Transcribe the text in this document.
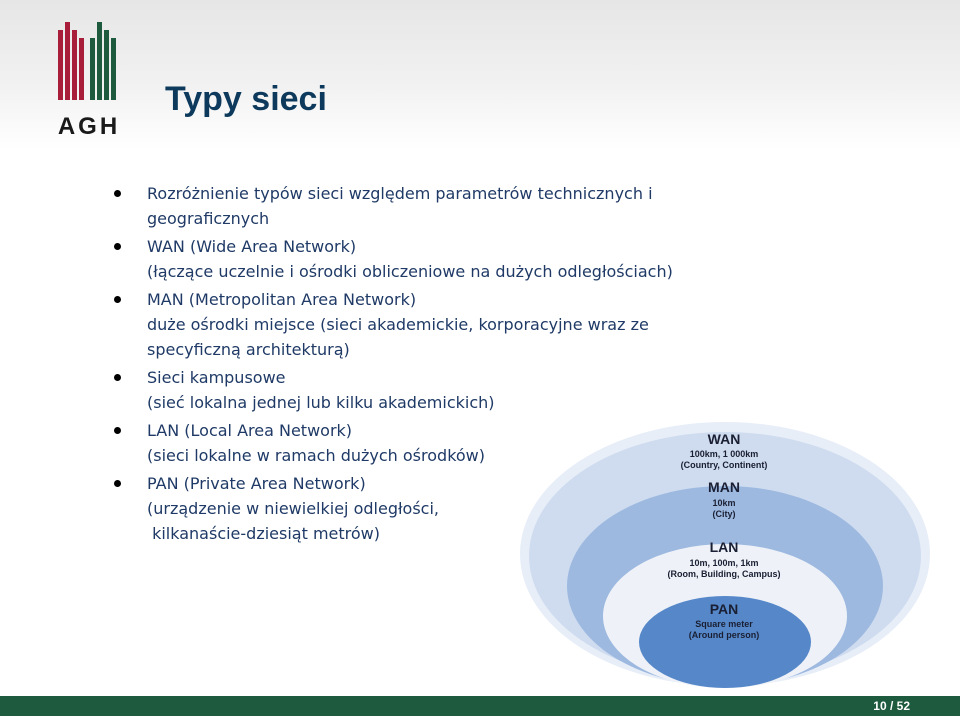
AGH
Typy sieci
Rozróżnienie typów sieci względem parametrów technicznych i
geograficznych
WAN (Wide Area Network)
(łączące uczelnie i ośrodki obliczeniowe na dużych odległościach)
MAN (Metropolitan Area Network)
duże ośrodki miejsce (sieci akademickie, korporacyjne wraz ze
specyficzną architekturą)
Sieci kampusowe
(sieć lokalna jednej lub kilku akademickich)
LAN (Local Area Network)
(sieci lokalne w ramach dużych ośrodków)
PAN (Private Area Network)
(urządzenie w niewielkiej odległości,
kilkanaście-dziesiąt metrów)
WAN
100km, 1 000km
(Country, Continent)
MAN
10km
(City)
LAN
10m, 100m, 1km
(Room, Building, Campus)
PAN
Square meter
(Around person)
10 / 52
